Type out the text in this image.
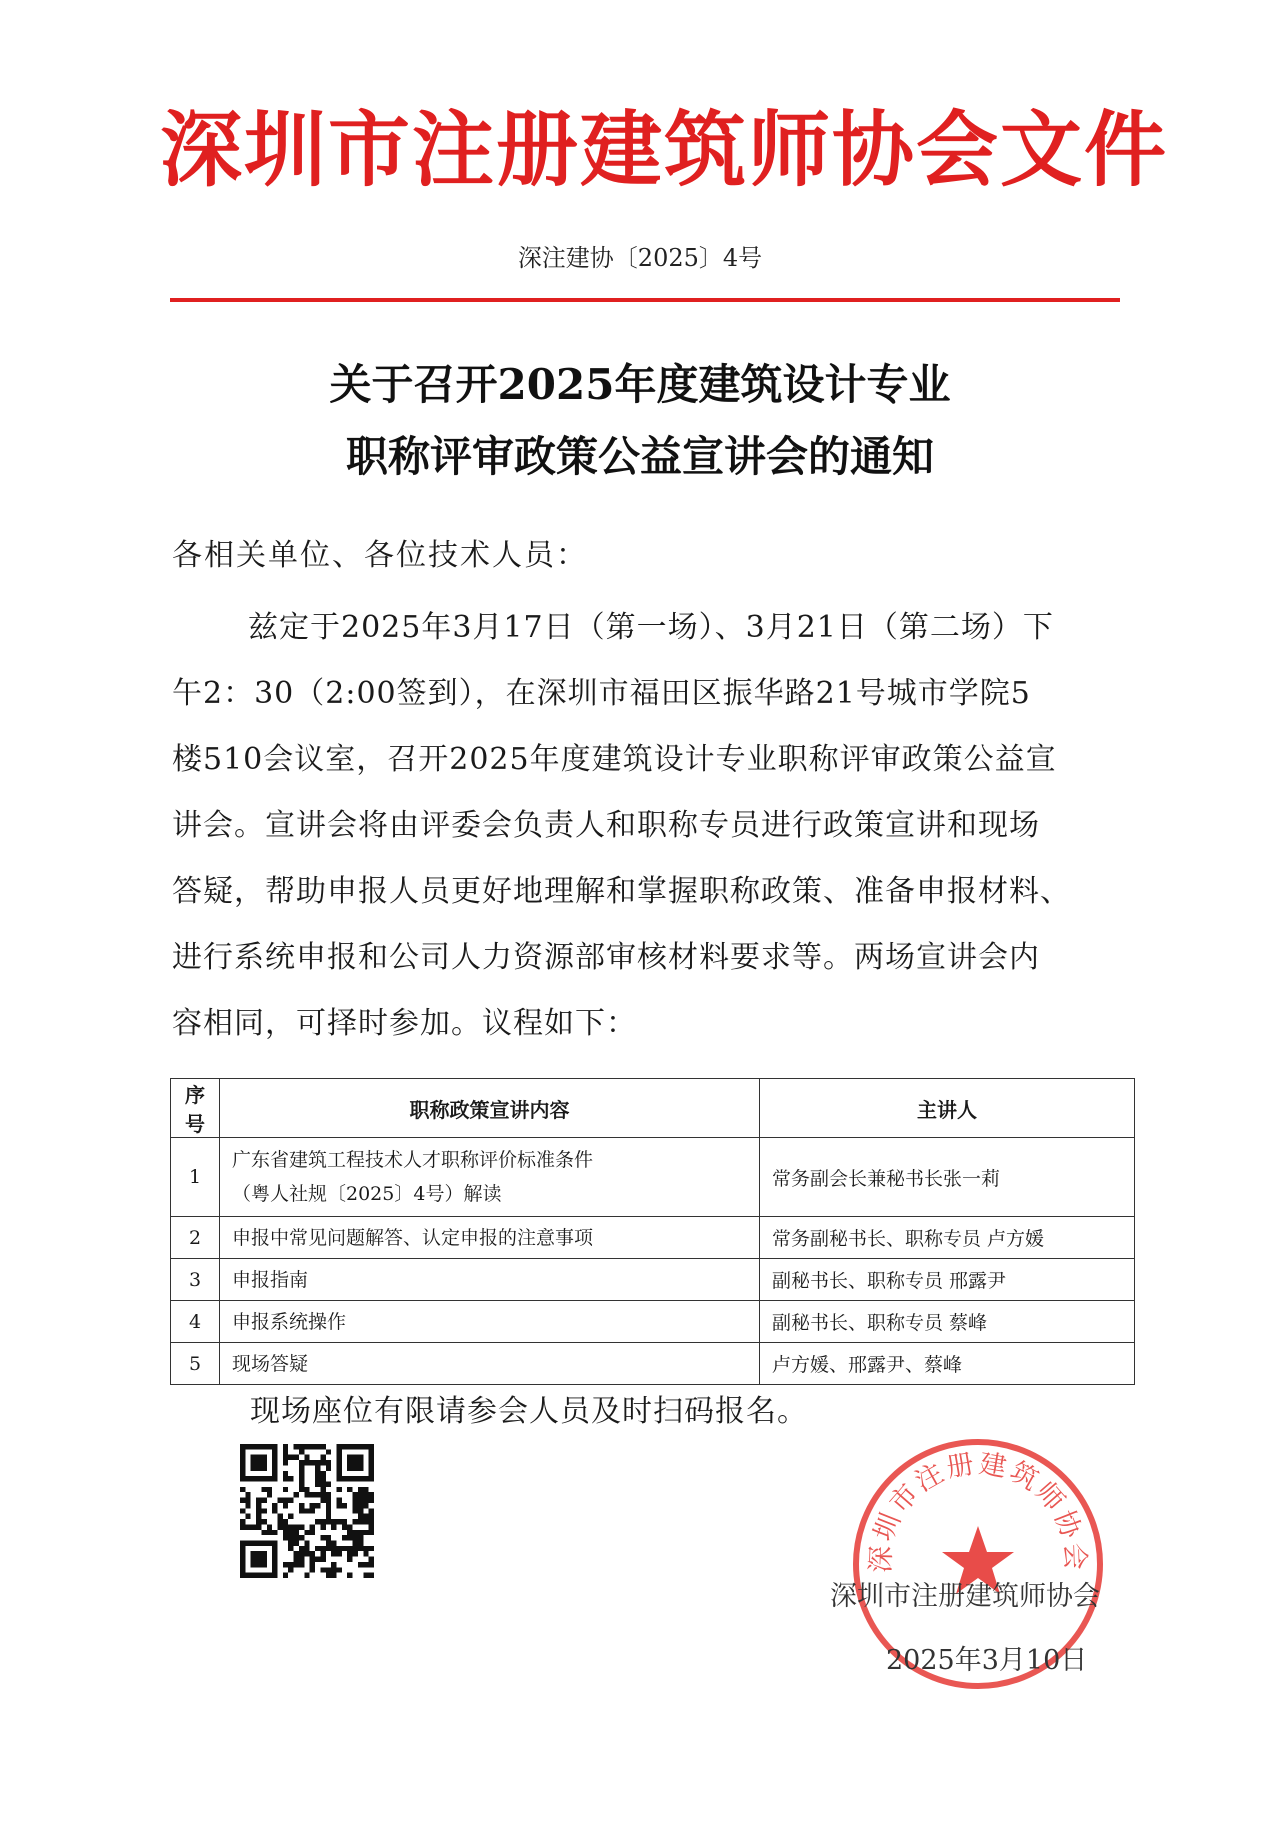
深圳市注册建筑师协会文件
深注建协〔2025〕4号
关于召开2025年度建筑设计专业
职称评审政策公益宣讲会的通知
各相关单位、各位技术人员：
兹定于2025年3月17日（第一场）、3月21日（第二场）下
午2：30（2:00签到），在深圳市福田区振华路21号城市学院5
楼510会议室，召开2025年度建筑设计专业职称评审政策公益宣
讲会。宣讲会将由评委会负责人和职称专员进行政策宣讲和现场
答疑，帮助申报人员更好地理解和掌握职称政策、准备申报材料、
进行系统申报和公司人力资源部审核材料要求等。两场宣讲会内
容相同，可择时参加。议程如下：
序号	职称政策宣讲内容	主讲人
1	广东省建筑工程技术人才职称评价标准条件
（粤人社规〔2025〕4号）解读	常务副会长兼秘书长张一莉
2	申报中常见问题解答、认定申报的注意事项	常务副秘书长、职称专员 卢方媛
3	申报指南	副秘书长、职称专员 邢露尹
4	申报系统操作	副秘书长、职称专员 蔡峰
5	现场答疑	卢方媛、邢露尹、蔡峰
现场座位有限请参会人员及时扫码报名。
深圳市注册建筑师协会
深圳市注册建筑师协会
2025年3月10日
